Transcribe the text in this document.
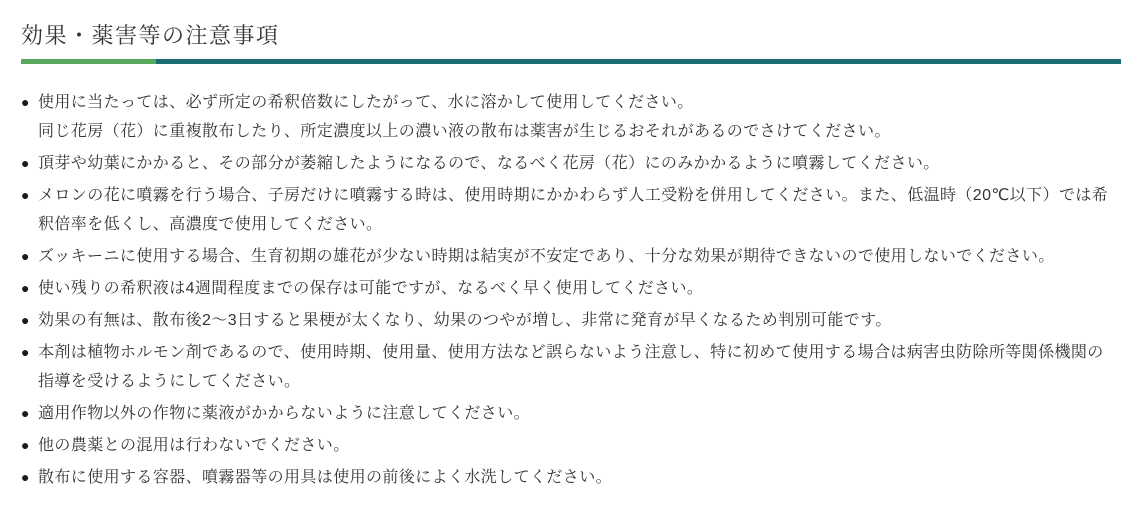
効果・薬害等の注意事項
● 使用に当たっては、必ず所定の希釈倍数にしたがって、水に溶かして使用してください。
同じ花房（花）に重複散布したり、所定濃度以上の濃い液の散布は薬害が生じるおそれがあるのでさけてください。
● 頂芽や幼葉にかかると、その部分が萎縮したようになるので、なるべく花房（花）にのみかかるように噴霧してください。
● メロンの花に噴霧を行う場合、子房だけに噴霧する時は、使用時期にかかわらず人工受粉を併用してください。また、低温時（20℃以下）では希
釈倍率を低くし、高濃度で使用してください。
● ズッキーニに使用する場合、生育初期の雄花が少ない時期は結実が不安定であり、十分な効果が期待できないので使用しないでください。
● 使い残りの希釈液は4週間程度までの保存は可能ですが、なるべく早く使用してください。
● 効果の有無は、散布後2～3日すると果梗が太くなり、幼果のつやが増し、非常に発育が早くなるため判別可能です。
● 本剤は植物ホルモン剤であるので、使用時期、使用量、使用方法など誤らないよう注意し、特に初めて使用する場合は病害虫防除所等関係機関の
指導を受けるようにしてください。
● 適用作物以外の作物に薬液がかからないように注意してください。
● 他の農薬との混用は行わないでください。
● 散布に使用する容器、噴霧器等の用具は使用の前後によく水洗してください。
